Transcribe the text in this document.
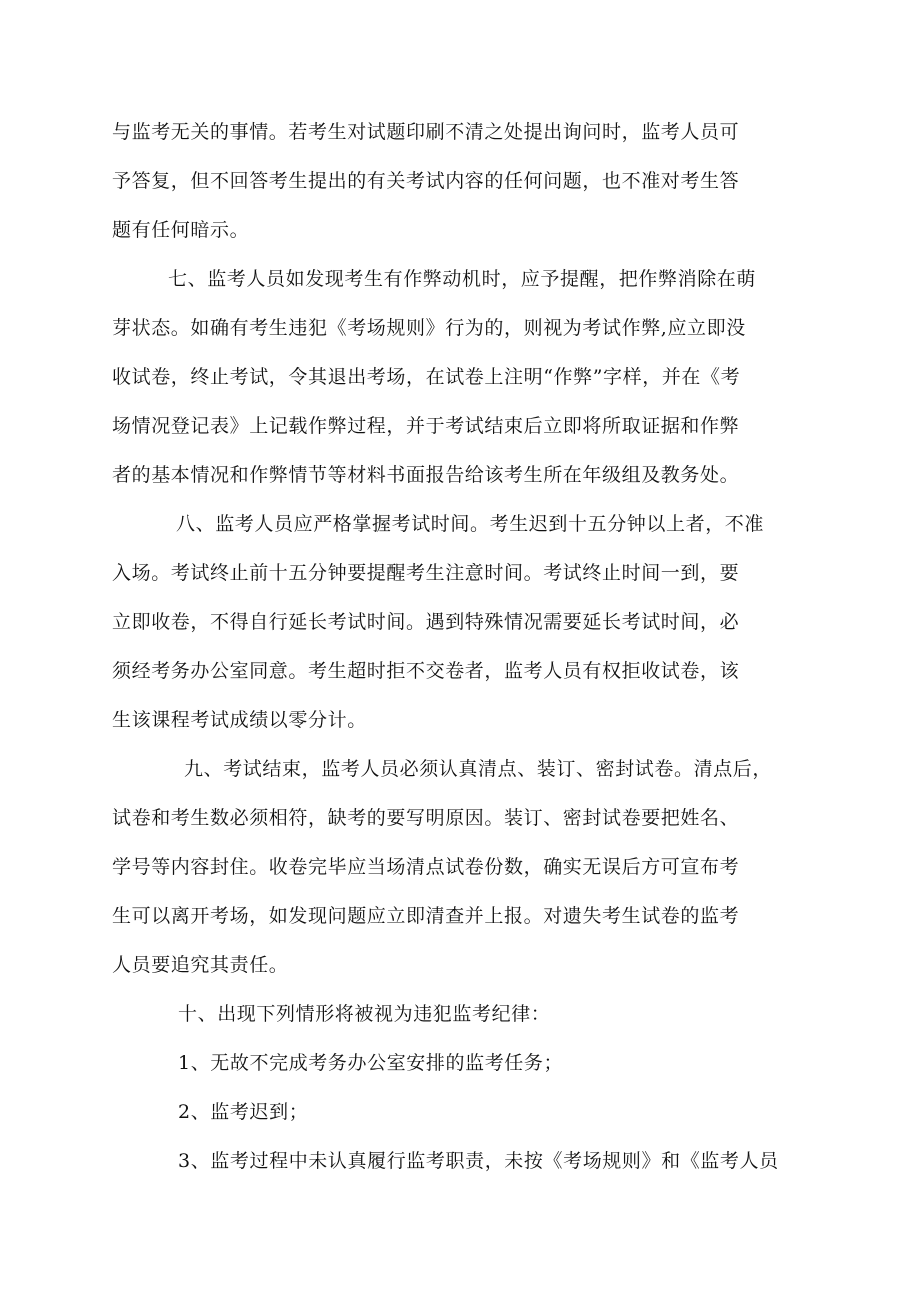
与监考无关的事情。若考生对试题印刷不清之处提出询问时，监考人员可
予答复，但不回答考生提出的有关考试内容的任何问题，也不准对考生答
题有任何暗示。
七、监考人员如发现考生有作弊动机时，应予提醒，把作弊消除在萌
芽状态。如确有考生违犯《考场规则》行为的，则视为考试作弊,应立即没
收试卷，终止考试，令其退出考场，在试卷上注明“作弊”字样，并在《考
场情况登记表》上记载作弊过程，并于考试结束后立即将所取证据和作弊
者的基本情况和作弊情节等材料书面报告给该考生所在年级组及教务处。
八、监考人员应严格掌握考试时间。考生迟到十五分钟以上者，不准
入场。考试终止前十五分钟要提醒考生注意时间。考试终止时间一到，要
立即收卷，不得自行延长考试时间。遇到特殊情况需要延长考试时间，必
须经考务办公室同意。考生超时拒不交卷者，监考人员有权拒收试卷，该
生该课程考试成绩以零分计。
九、考试结束，监考人员必须认真清点、装订、密封试卷。清点后，
试卷和考生数必须相符，缺考的要写明原因。装订、密封试卷要把姓名、
学号等内容封住。收卷完毕应当场清点试卷份数，确实无误后方可宣布考
生可以离开考场，如发现问题应立即清查并上报。对遗失考生试卷的监考
人员要追究其责任。
十、出现下列情形将被视为违犯监考纪律：
1、无故不完成考务办公室安排的监考任务；
2、监考迟到；
3、监考过程中未认真履行监考职责，未按《考场规则》和《监考人员
